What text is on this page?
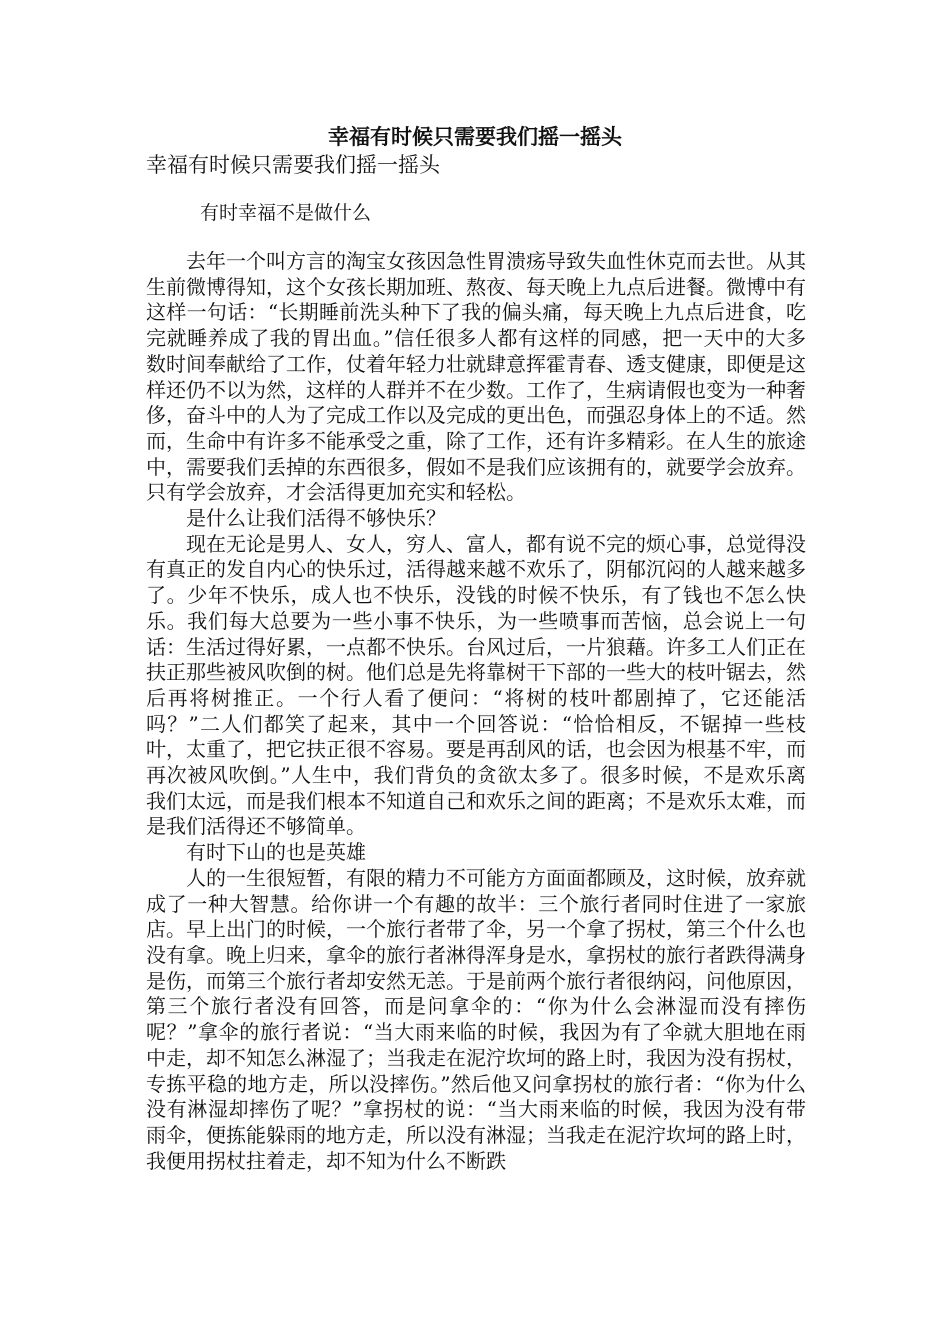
幸福有时候只需要我们摇一摇头

幸福有时候只需要我们摇一摇头

有时幸福不是做什么

去年一个叫方言的淘宝女孩因急性胃溃疡导致失血性休克而去世。从其生前微博得知，这个女孩长期加班、熬夜、每天晚上九点后进餐。微博中有这样一句话：“长期睡前洗头种下了我的偏头痛，每天晚上九点后进食，吃完就睡养成了我的胃出血。”信任很多人都有这样的同感，把一天中的大多数时间奉献给了工作，仗着年轻力壮就肆意挥霍青春、透支健康，即便是这样还仍不以为然，这样的人群并不在少数。工作了，生病请假也变为一种奢侈，奋斗中的人为了完成工作以及完成的更出色，而强忍身体上的不适。然而，生命中有许多不能承受之重，除了工作，还有许多精彩。在人生的旅途中，需要我们丢掉的东西很多，假如不是我们应该拥有的，就要学会放弃。只有学会放弃，才会活得更加充实和轻松。

是什么让我们活得不够快乐？

现在无论是男人、女人，穷人、富人，都有说不完的烦心事，总觉得没有真正的发自内心的快乐过，活得越来越不欢乐了，阴郁沉闷的人越来越多了。少年不快乐，成人也不快乐，没钱的时候不快乐，有了钱也不怎么快乐。我们每大总要为一些小事不快乐，为一些喷事而苦恼，总会说上一句话：生活过得好累，一点都不快乐。台风过后，一片狼藉。许多工人们正在扶正那些被风吹倒的树。他们总是先将靠树干下部的一些大的枝叶锯去，然后再将树推正。一个行人看了便问：“将树的枝叶都剧掉了，它还能活吗？”二人们都笑了起来，其中一个回答说：“恰恰相反，不锯掉一些枝叶，太重了，把它扶正很不容易。要是再刮风的话，也会因为根基不牢，而再次被风吹倒。”人生中，我们背负的贪欲太多了。很多时候，不是欢乐离我们太远，而是我们根本不知道自己和欢乐之间的距离；不是欢乐太难，而是我们活得还不够简单。

有时下山的也是英雄

人的一生很短暂，有限的精力不可能方方面面都顾及，这时候，放弃就成了一种大智慧。给你讲一个有趣的故半：三个旅行者同时住进了一家旅店。早上出门的时候，一个旅行者带了伞，另一个拿了拐杖，第三个什么也没有拿。晚上归来，拿伞的旅行者淋得浑身是水，拿拐杖的旅行者跌得满身是伤，而第三个旅行者却安然无恙。于是前两个旅行者很纳闷，问他原因，第三个旅行者没有回答，而是问拿伞的：“你为什么会淋湿而没有摔伤呢？”拿伞的旅行者说：“当大雨来临的时候，我因为有了伞就大胆地在雨中走，却不知怎么淋湿了；当我走在泥泞坎坷的路上时，我因为没有拐杖，专拣平稳的地方走，所以没摔伤。”然后他又问拿拐杖的旅行者：“你为什么没有淋湿却摔伤了呢？”拿拐杖的说：“当大雨来临的时候，我因为没有带雨伞，便拣能躲雨的地方走，所以没有淋湿；当我走在泥泞坎坷的路上时，我便用拐杖拄着走，却不知为什么不断跌
